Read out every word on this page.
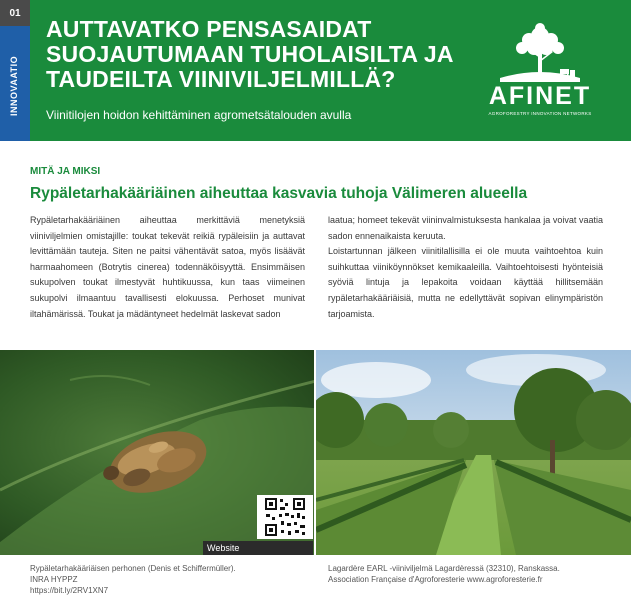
01
INNOVAATIO
AUTTAVATKO PENSASAIDAT SUOJAUTUMAAN TUHOLAISILTA JA TAUDEILTA VIINIVILJELMILLÄ?
Viinitilojen hoidon kehittäminen agrometsätalouden avulla
AFINET
AGROFORESTRY INNOVATION NETWORKS
MITÄ JA MIKSI
Rypäletarhakääriäinen aiheuttaa kasvavia tuhoja Välimeren alueella

Rypäletarhakääriäinen aiheuttaa merkittäviä menetyksiä viiniviljelmien omistajille: toukat tekevät reikiä rypäleisiin ja auttavat levittämään tauteja. Siten ne paitsi vähentävät satoa, myös lisäävät harmaahomeen (Botrytis cinerea) todennäköisyyttä. Ensimmäisen sukupolven toukat ilmestyvät huhtikuussa, kun taas viimeinen sukupolvi ilmaantuu tavallisesti elokuussa. Perhoset munivat iltahämärissä. Toukat ja mädäntyneet hedelmät laskevat sadon

laatua; homeet tekevät viininvalmistuksesta hankalaa ja voivat vaatia sadon ennenaikaista keruuta.

Loistartunnan jälkeen viinitilallisilla ei ole muuta vaihtoehtoa kuin suihkuttaa viiniköynnökset kemikaaleilla. Vaihtoehtoisesti hyönteisiä syöviä lintuja ja lepakoita voidaan käyttää hillitsemään rypäletarhakääriäisiä, mutta ne edellyttävät sopivan elinympäristön tarjoamista.

Website
Rypäletarhakääriäisen perhonen (Denis et Schiffermüller).
INRA HYPPZ
https://bit.ly/2RV1XN7
Lagardère EARL -viiniviljelmä Lagardèressä (32310), Ranskassa.
Association Française d'Agroforesterie www.agroforesterie.fr
